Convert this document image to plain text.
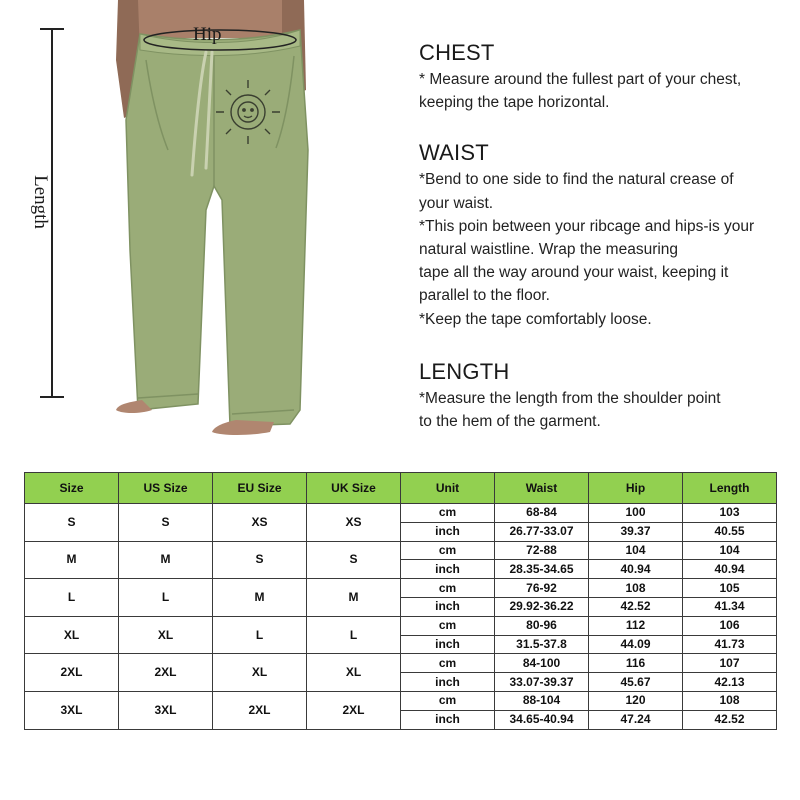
Hip
Length
CHEST
* Measure around the fullest part of your chest,
keeping the tape horizontal.
WAIST
*Bend to one side to find the natural crease of
your waist.
*This poin between your ribcage and hips-is your
natural waistline. Wrap the measuring
tape all the way around your waist, keeping it
parallel to the floor.
*Keep the tape comfortably loose.
LENGTH
*Measure the length from the shoulder point
to the hem of the garment.
Size	US Size	EU Size	UK Size	Unit	Waist	Hip	Length
S	S	XS	XS	cm	68-84	100	103
				inch	26.77-33.07	39.37	40.55
M	M	S	S	cm	72-88	104	104
				inch	28.35-34.65	40.94	40.94
L	L	M	M	cm	76-92	108	105
				inch	29.92-36.22	42.52	41.34
XL	XL	L	L	cm	80-96	112	106
				inch	31.5-37.8	44.09	41.73
2XL	2XL	XL	XL	cm	84-100	116	107
				inch	33.07-39.37	45.67	42.13
3XL	3XL	2XL	2XL	cm	88-104	120	108
				inch	34.65-40.94	47.24	42.52
